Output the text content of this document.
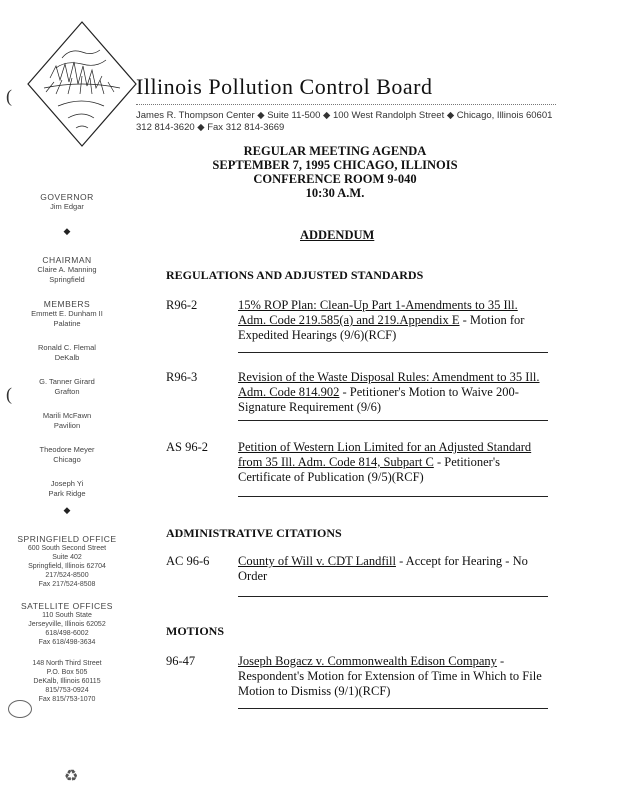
(
(
Illinois Pollution Control Board
James R. Thompson Center ◆ Suite 11-500 ◆ 100 West Randolph Street ◆ Chicago, Illinois 60601
312 814-3620 ◆ Fax 312 814-3669
REGULAR MEETING AGENDA
SEPTEMBER 7, 1995 CHICAGO, ILLINOIS
CONFERENCE ROOM 9-040
10:30 A.M.
ADDENDUM
GOVERNOR
Jim Edgar
◆
CHAIRMAN
Claire A. Manning
Springfield
MEMBERS
Emmett E. Dunham II
Palatine
Ronald C. Flemal
DeKalb
G. Tanner Girard
Grafton
Marili McFawn
Pavilion
Theodore Meyer
Chicago
Joseph Yi
Park Ridge
◆
SPRINGFIELD OFFICE
600 South Second Street
Suite 402
Springfield, Illinois 62704
217/524-8500
Fax 217/524-8508
SATELLITE OFFICES
110 South State
Jerseyville, Illinois 62052
618/498-6002
Fax 618/498-3634
148 North Third Street
P.O. Box 505
DeKalb, Illinois 60115
815/753-0924
Fax 815/753-1070
♻
REGULATIONS AND ADJUSTED STANDARDS
R96-2	15% ROP Plan: Clean-Up Part 1-Amendments to 35 Ill. Adm. Code 219.585(a) and 219.Appendix E - Motion for Expedited Hearings (9/6)(RCF)
R96-3	Revision of the Waste Disposal Rules: Amendment to 35 Ill. Adm. Code 814.902 - Petitioner's Motion to Waive 200-Signature Requirement (9/6)
AS 96-2 Petition of Western Lion Limited for an Adjusted Standard from 35 Ill. Adm. Code 814, Subpart C - Petitioner's Certificate of Publication (9/5)(RCF)
ADMINISTRATIVE CITATIONS
AC 96-6 County of Will v. CDT Landfill - Accept for Hearing - No Order
MOTIONS
96-47	Joseph Bogacz v. Commonwealth Edison Company - Respondent's Motion for Extension of Time in Which to File Motion to Dismiss (9/1)(RCF)
